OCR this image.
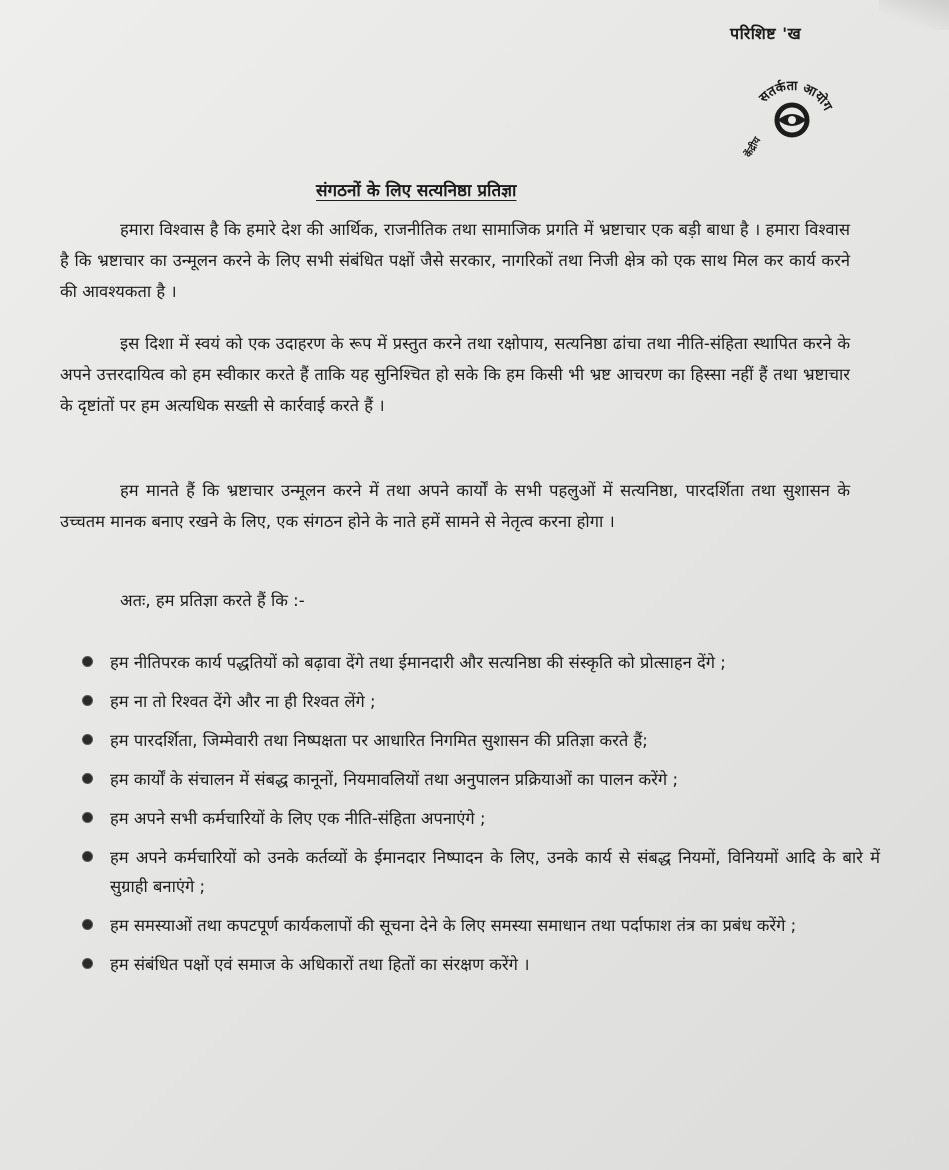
परिशिष्ट 'ख
सतर्कता आयोग
केंद्रीय
संगठनों के लिए सत्यनिष्ठा प्रतिज्ञा

हमारा विश्वास है कि हमारे देश की आर्थिक, राजनीतिक तथा सामाजिक प्रगति में भ्रष्टाचार एक बड़ी बाधा है । हमारा विश्वास है कि भ्रष्टाचार का उन्मूलन करने के लिए सभी संबंधित पक्षों जैसे सरकार, नागरिकों तथा निजी क्षेत्र को एक साथ मिल कर कार्य करने की आवश्यकता है ।

इस दिशा में स्वयं को एक उदाहरण के रूप में प्रस्तुत करने तथा रक्षोपाय, सत्यनिष्ठा ढांचा तथा नीति-संहिता स्थापित करने के अपने उत्तरदायित्व को हम स्वीकार करते हैं ताकि यह सुनिश्चित हो सके कि हम किसी भी भ्रष्ट आचरण का हिस्सा नहीं हैं तथा भ्रष्टाचार के दृष्टांतों पर हम अत्यधिक सख्ती से कार्रवाई करते हैं ।

हम मानते हैं कि भ्रष्टाचार उन्मूलन करने में तथा अपने कार्यों के सभी पहलुओं में सत्यनिष्ठा, पारदर्शिता तथा सुशासन के उच्चतम मानक बनाए रखने के लिए, एक संगठन होने के नाते हमें सामने से नेतृत्व करना होगा ।

अतः, हम प्रतिज्ञा करते हैं कि :-
हम नीतिपरक कार्य पद्धतियों को बढ़ावा देंगे तथा ईमानदारी और सत्यनिष्ठा की संस्कृति को प्रोत्साहन देंगे ;
हम ना तो रिश्वत देंगे और ना ही रिश्वत लेंगे ;
हम पारदर्शिता, जिम्मेवारी तथा निष्पक्षता पर आधारित निगमित सुशासन की प्रतिज्ञा करते हैं;
हम कार्यों के संचालन में संबद्ध कानूनों, नियमावलियों तथा अनुपालन प्रक्रियाओं का पालन करेंगे ;
हम अपने सभी कर्मचारियों के लिए एक नीति-संहिता अपनाएंगे ;
हम अपने कर्मचारियों को उनके कर्तव्यों के ईमानदार निष्पादन के लिए, उनके कार्य से संबद्ध नियमों, विनियमों आदि के बारे में सुग्राही बनाएंगे ;
हम समस्याओं तथा कपटपूर्ण कार्यकलापों की सूचना देने के लिए समस्या समाधान तथा पर्दाफाश तंत्र का प्रबंध करेंगे ;
हम संबंधित पक्षों एवं समाज के अधिकारों तथा हितों का संरक्षण करेंगे ।
